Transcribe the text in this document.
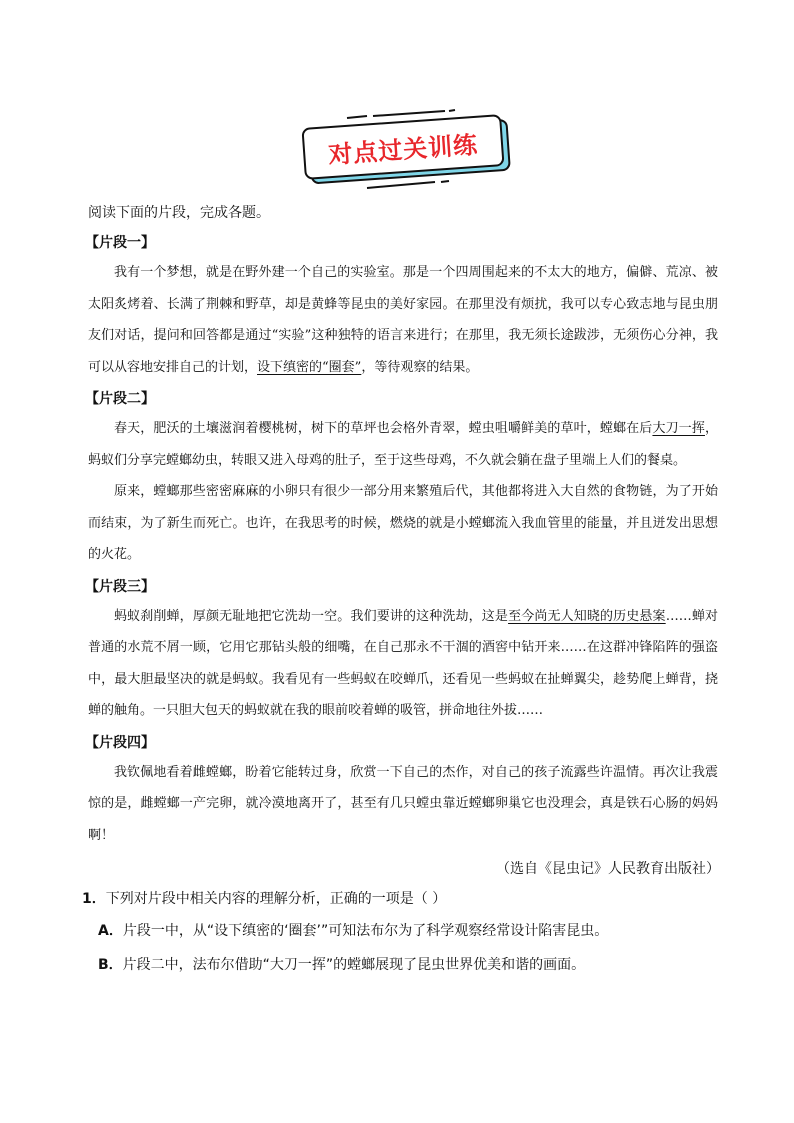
对点过关训练

阅读下面的片段，完成各题。

【片段一】

我有一个梦想，就是在野外建一个自己的实验室。那是一个四周围起来的不太大的地方，偏僻、荒凉、被太阳炙烤着、长满了荆棘和野草，却是黄蜂等昆虫的美好家园。在那里没有烦扰，我可以专心致志地与昆虫朋友们对话，提问和回答都是通过“实验”这种独特的语言来进行；在那里，我无须长途跋涉，无须伤心分神，我可以从容地安排自己的计划，设下缜密的“圈套”，等待观察的结果。

【片段二】

春天，肥沃的土壤滋润着樱桃树，树下的草坪也会格外青翠，螳虫咀嚼鲜美的草叶，螳螂在后大刀一挥，蚂蚁们分享完螳螂幼虫，转眼又进入母鸡的肚子，至于这些母鸡，不久就会躺在盘子里端上人们的餐桌。

原来，螳螂那些密密麻麻的小卵只有很少一部分用来繁殖后代，其他都将进入大自然的食物链，为了开始而结束，为了新生而死亡。也许，在我思考的时候，燃烧的就是小螳螂流入我血管里的能量，并且迸发出思想的火花。

【片段三】

蚂蚁刹削蝉，厚颜无耻地把它洗劫一空。我们要讲的这种洗劫，这是至今尚无人知晓的历史悬案……蝉对普通的水荒不屑一顾，它用它那钻头般的细嘴，在自己那永不干涸的酒窖中钻开来……在这群冲锋陷阵的强盗中，最大胆最坚决的就是蚂蚁。我看见有一些蚂蚁在咬蝉爪，还看见一些蚂蚁在扯蝉翼尖，趁势爬上蝉背，挠蝉的触角。一只胆大包天的蚂蚁就在我的眼前咬着蝉的吸管，拼命地往外拔……

【片段四】

我钦佩地看着雌螳螂，盼着它能转过身，欣赏一下自己的杰作，对自己的孩子流露些许温情。再次让我震惊的是，雌螳螂一产完卵，就冷漠地离开了，甚至有几只螳虫靠近螳螂卵巢它也没理会，真是铁石心肠的妈妈啊！

（选自《昆虫记》人民教育出版社）

1．下列对片段中相关内容的理解分析，正确的一项是（ ）

A．片段一中，从“设下缜密的‘圈套’”可知法布尔为了科学观察经常设计陷害昆虫。

B．片段二中，法布尔借助“大刀一挥”的螳螂展现了昆虫世界优美和谐的画面。
